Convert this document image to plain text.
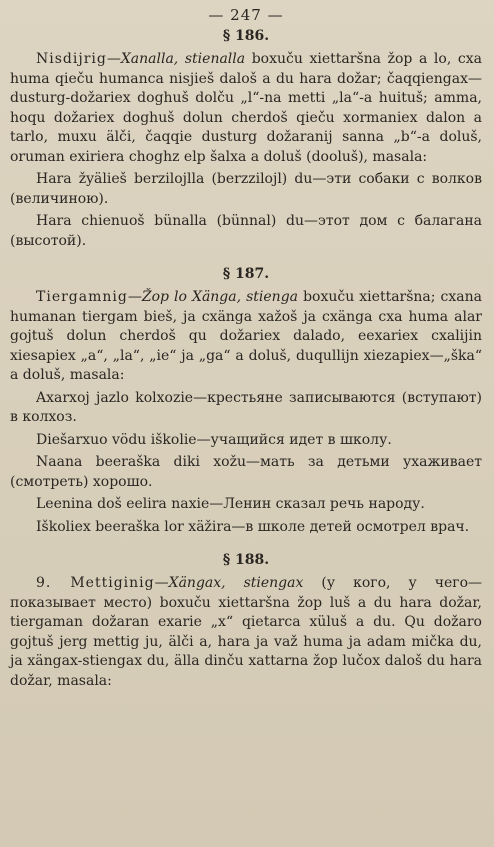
— 247 —
§ 186.
Nisdijrig—Xanalla, stienalla boxuču xiettaršna žop a lo, cxa huma qieču humanca nisjieš daloš a du hara dožar; čaqqiengax—dusturg-dožariex doghuš dolču „l“-na metti „la“-a huituš; amma, hoqu dožariex doghuš dolun cherdoš qieču xormaniex dalon a tarlo, muxu älči, čaqqie dusturg dožaranij sanna „b“-a doluš, oruman exiriera choghz elp šalxa a doluš (dooluš), masala:
Hara žyälieš berzilojlla (berzzilojl) du—эти собаки с волков (величиною).
Hara chienuoš bünalla (bünnal) du—этот дом с балагана (высотой).
§ 187.
Tiergamnig—Žop lo Xänga, stienga boxuču xiettaršna; cxana humanan tiergam bieš, ja cxänga xažoš ja cxänga cxa huma alar gojtuš dolun cherdoš qu dožariex dalado, eexariex cxalijin xiesapiex „a“, „la“, „ie“ ja „ga“ a doluš, duqullijn xiezapiex—„ška“ a doluš, masala:
Axarxoj jazlo kolxozie—крестьяне записываются (вступают) в колхоз.
Diešarxuo vödu iškolie—учащийся идет в школу.
Naana beeraška diki xožu—мать за детьми ухаживает (смотреть) хорошо.
Leenina doš eelira naxie—Ленин сказал речь народу.
Iškoliex beeraška lor xäžira—в школе детей осмотрел врач.
§ 188.
9. Mettiginig—Xängax, stiengax (у кого, у чего—показывает место) boxuču xiettaršna žop luš a du hara dožar, tiergaman dožaran exarie „x“ qietarca xüluš a du. Qu dožaro gojtuš jerg mettig ju, älči a, hara ja važ huma ja adam mička du, ja xängax-stiengax du, älla dinču xattarna žop lučox daloš du hara dožar, masala:
